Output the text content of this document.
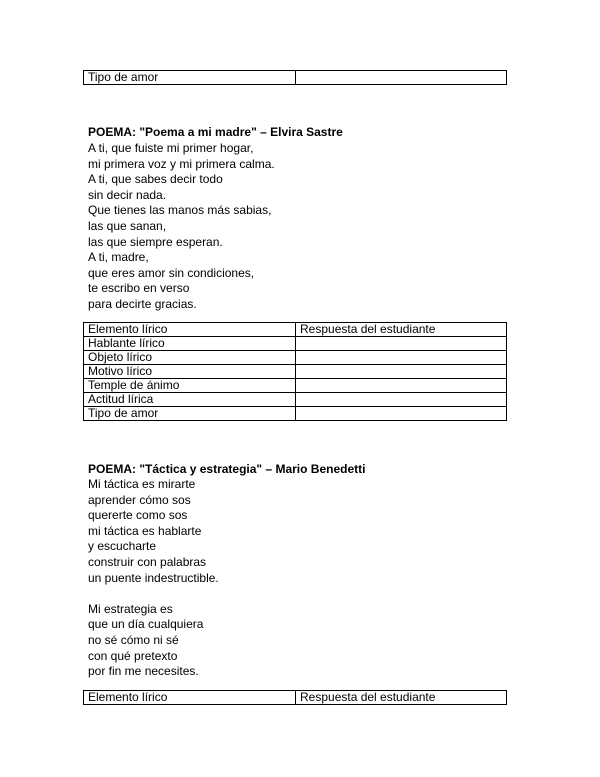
Tipo de amor	

POEMA: "Poema a mi madre" – Elvira Sastre

A ti, que fuiste mi primer hogar,
mi primera voz y mi primera calma.
A ti, que sabes decir todo
sin decir nada.
Que tienes las manos más sabias,
las que sanan,
las que siempre esperan.
A ti, madre,
que eres amor sin condiciones,
te escribo en verso
para decirte gracias.
Elemento lírico	Respuesta del estudiante
Hablante lírico	
Objeto lírico	
Motivo lírico	
Temple de ánimo	
Actitud lírica	
Tipo de amor	

POEMA: "Táctica y estrategia" – Mario Benedetti

Mi táctica es mirarte
aprender cómo sos
quererte como sos
mi táctica es hablarte
y escucharte
construir con palabras
un puente indestructible.
Mi estrategia es
que un día cualquiera
no sé cómo ni sé
con qué pretexto
por fin me necesites.
Elemento lírico	Respuesta del estudiante
